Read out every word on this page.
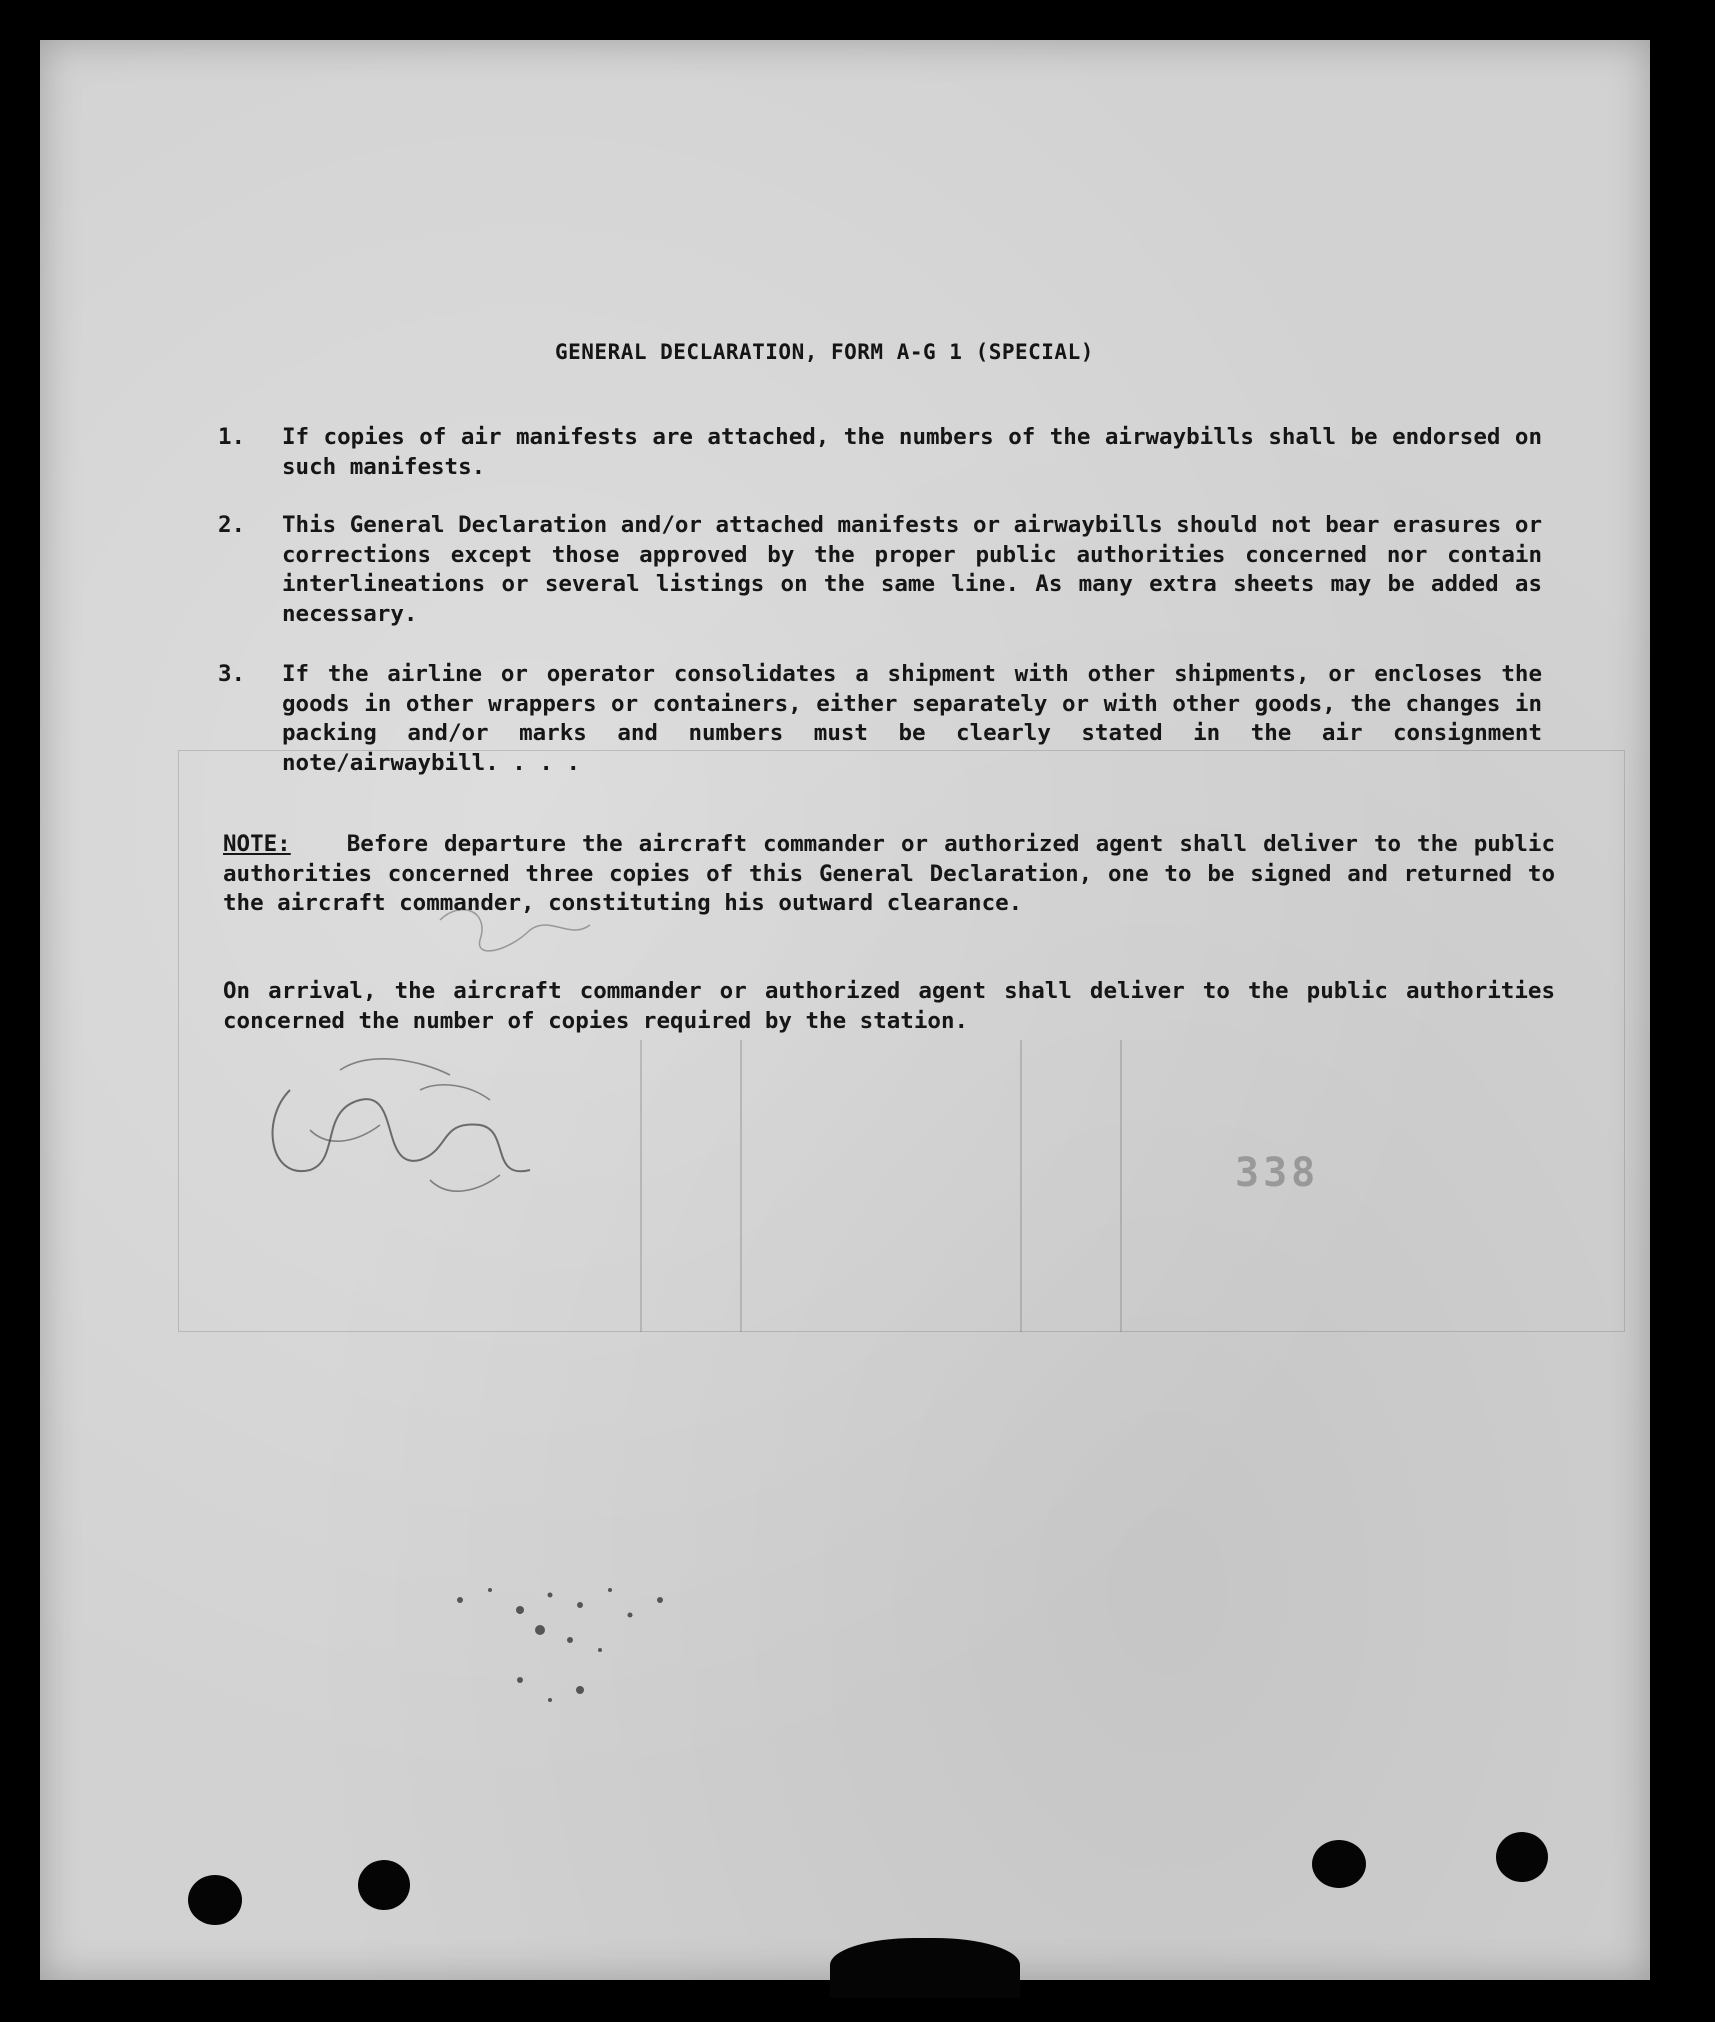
338
GENERAL DECLARATION, FORM A-G 1 (SPECIAL)
1.	If copies of air manifests are attached, the numbers of the airwaybills shall be endorsed on such manifests.
2.	This General Declaration and/or attached manifests or airwaybills should not bear erasures or corrections except those approved by the proper public authorities concerned nor contain interlineations or several listings on the same line. As many extra sheets may be added as necessary.
3.	If the airline or operator consolidates a shipment with other shipments, or encloses the goods in other wrappers or containers, either separately or with other goods, the changes in packing and/or marks and numbers must be clearly stated in the air consignment note/airwaybill. . . .
NOTE: Before departure the aircraft commander or authorized agent shall deliver to the public authorities concerned three copies of this General Declaration, one to be signed and returned to the aircraft commander, constituting his outward clearance.
On arrival, the aircraft commander or authorized agent shall deliver to the public authorities concerned the number of copies required by the station.
